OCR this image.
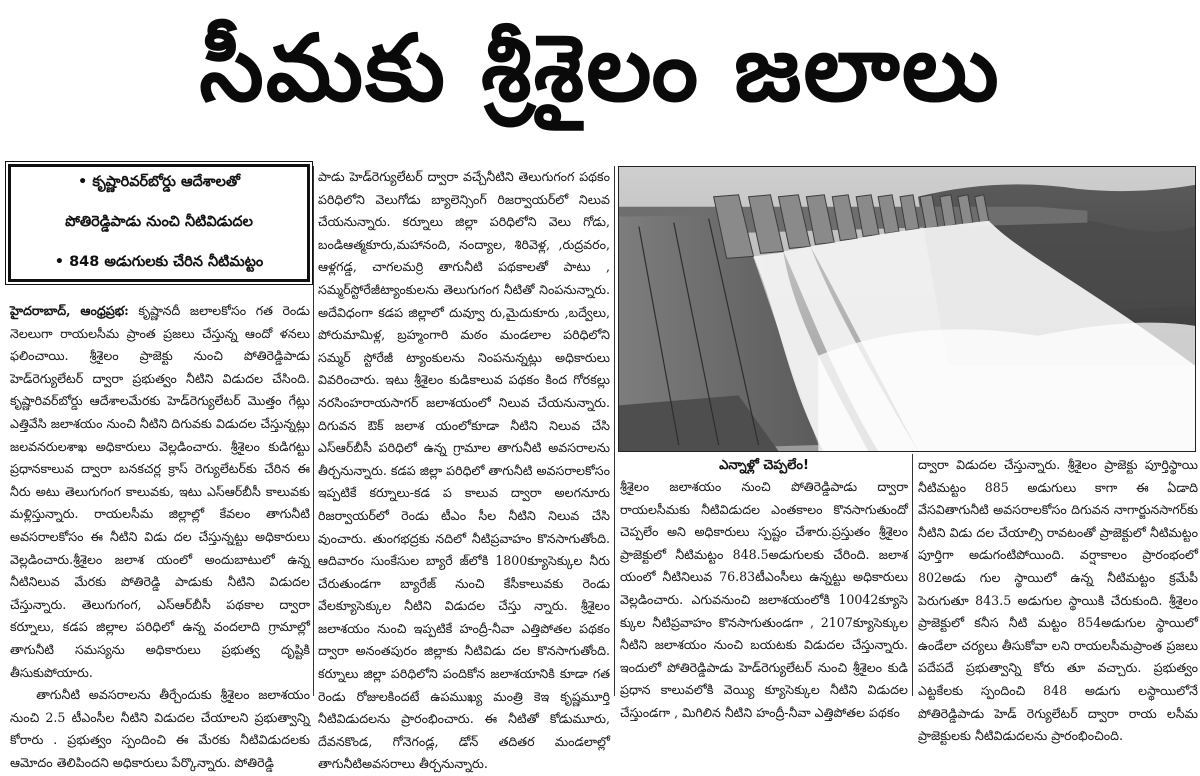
సీమకు శ్రీశైలం జలాలు
• కృష్ణారివర్‌బోర్డు ఆదేశాలతో
పోతిరెడ్డిపాడు నుంచి నీటివిడుదల
• 848 అడుగులకు చేరిన నీటిమట్టం

హైదరాబాద్‌, ఆంధ్రప్రభ: కృష్ణానదీ జలాలకోసం గత రెండు నెలలుగా రాయలసీమ ప్రాంత ప్రజలు చేస్తున్న ఆందో ళనలు ఫలించాయి. శ్రీశైలం ప్రాజెక్టు నుంచి పోతిరెడ్డిపాడు హెడ్‌రెగ్యులేటర్‌ ద్వారా ప్రభుత్వం నీటిని విడుదల చేసింది. కృష్ణారివర్‌బోర్డు ఆదేశాలమేరకు హెడ్‌రెగ్యులేటర్‌ మొత్తం గేట్లు ఎత్తివేసి జలాశయం నుంచి నీటిని దిగువకు విడుదల చేస్తున్నట్లు జలవనరులశాఖ అధికారులు వెల్లడించారు. శ్రీశైలం కుడిగట్టు ప్రధానకాలువ ద్వారా బనకచర్ల క్రాస్‌ రెగ్యులేటర్‌కు చేరిన ఈ నీరు అటు తెలుగుగంగ కాలువకు, ఇటు ఎస్‌ఆర్‌బీసీ కాలువకు మళ్లిస్తున్నారు. రాయలసీమ జిల్లాల్లో కేవలం తాగునీటి అవసరాలకోసం ఈ నీటిని విడు దల చేస్తున్నట్టు అధికారులు వెల్లడించారు.శ్రీశైలం జలాశ యంలో అందుబాటులో ఉన్న నీటినిలువ మేరకు పోతిరెడ్డి పాడుకు నీటిని విడుదల చేస్తున్నారు. తెలుగుగంగ, ఎస్‌ఆర్‌బీసీ పథకాల ద్వారా కర్నూలు, కడప జిల్లాల పరిధిలో ఉన్న వందలాది గ్రామాల్లో తాగునీటి సమస్యను అధికారులు ప్రభుత్వ దృష్టికి తీసుకుపోయారు.

తాగునీటి అవసరాలను తీర్చేందుకు శ్రీశైలం జలాశయం నుంచి 2.5 టీఎంసీల నీటిని విడుదల చేయాలని ప్రభుత్వాన్ని కోరారు . ప్రభుత్వం స్పందించి ఈ మేరకు నీటివిడుదలకు ఆమోదం తెలిపిందని అధికారులు పేర్కొన్నారు. పోతిరెడ్డి

పాడు హెడ్‌రెగ్యులేటర్‌ ద్వారా వచ్చేనీటిని తెలుగుగంగ పథకం పరిధిలోని వెలుగోడు బ్యాలెన్సింగ్‌ రిజర్వాయర్‌లో నిలువ చేయనున్నారు. కర్నూలు జిల్లా పరిధిలోని వెలు గోడు, బండిఆత్మకూరు,మహానంది, నంద్యాల, శిరివెళ్ల, ,రుద్రవరం, ఆళ్లగడ్డ, చాగలమర్రి తాగునీటి పథకాలతో పాటు , సమ్మర్‌స్టోరేజీట్యాంకులను తెలుగుగంగ నీటితో నింపనున్నారు. అదేవిధంగా కడప జిల్లాలో దువ్వూ రు,మైదుకూరు ,బద్వేలు, పోరుమామిళ్ల, బ్రహ్మంగారి మఠం మండలాల పరిధిలోని సమ్మర్‌ స్టోరేజీ ట్యాంకులను నింపనున్నట్లు అధికారులు వివరించారు. ఇటు శ్రీశైలం కుడికాలువ పథకం కింద గోరకల్లు నరసింహరాయసాగర్‌ జలాశయంలో నిలువ చేయనున్నారు. దిగువన ఔక్‌ జలాశ యంలోకూడా నీటిని నిలువ చేసి ఎస్‌ఆర్‌బీసీ పరిధిలో ఉన్న గ్రామాల తాగునీటి అవసరాలను తీర్చనున్నారు. కడప జిల్లా పరిధిలో తాగునీటి అవసరాలకోసం ఇప్పటికే కర్నూలు-కడ ప కాలువ ద్వారా అలగనూరు రిజర్వాయర్‌లో రెండు టీఎం సీల నీటిని నిలువ చేసి వుంచారు. తుంగభద్రకు నదిలో నీటిప్రవాహం కొనసాగుతోంది. ఆదివారం సుంకేసుల బ్యారే జ్‌లోకి 1800క్యూసెక్కుల నీరు చేరుతుండగా బ్యారేజ్‌ నుంచి కేసీకాలువకు రెండు వేలక్యూసెక్కుల నీటిని విడుదల చేస్తు న్నారు. శ్రీశైలం జలాశయం నుంచి ఇప్పటికే హంద్రీ-నీవా ఎత్తిపోతల పథకం ద్వారా అనంతపురం జిల్లాకు నీటివిడు దల కొనసాగుతోంది. కర్నూలు జిల్లా పరిధిలోని పందికోన జలాశయానికి కూడా గత రెండు రోజులకిందటే ఉపముఖ్య మంత్రి కెఇ కృష్ణమూర్తి నీటివిడుదలను ప్రారంభించారు. ఈ నీటితో కోడుమూరు, దేవనకొండ, గోనెగండ్ల, డోన్‌ తదితర మండలాల్లో తాగునీటిఅవసరాలు తీర్చనున్నారు.

ఎన్నాళ్లో చెప్పలేం!

శ్రీశైలం జలాశయం నుంచి పోతిరెడ్డిపాడు ద్వారా రాయలసీమకు నీటివిడుదల ఎంతకాలం కొనసాగుతుందో చెప్పలేం అని అధికారులు స్పష్టం చేశారు.ప్రస్తుతం శ్రీశైలం ప్రాజెక్టులో నీటిమట్టం 848.5అడుగులకు చేరింది. జలాశ యంలో నీటినిలువ 76.83టీఎంసీలు ఉన్నట్టు అధికారులు వెల్లడించారు. ఎగువనుంచి జలాశయంలోకి 10042క్యూసె క్కుల నీటిప్రవాహం కొనసాగుతుండగా , 2107క్యూసెక్కుల నీటిని జలాశయం నుంచి బయటకు విడుదల చేస్తున్నారు. ఇందులో పోతిరెడ్డిపాడు హెడ్‌రెగ్యులేటర్‌ నుంచి శ్రీశైలం కుడి ప్రధాన కాలువలోకి వెయ్యి క్యూసెక్కుల నీటిని విడుదల చేస్తుండగా , మిగిలిన నీటిని హంద్రీ-నీవా ఎత్తిపోతల పథకం

ద్వారా విడుదల చేస్తున్నారు. శ్రీశైలం ప్రాజెక్టు పూర్తిస్థాయి నీటిమట్టం 885 అడుగులు కాగా ఈ ఏడాది వేసవితాగునీటి అవసరాలకోసం దిగువన నాగార్జునసాగర్‌కు నీటిని విడు దల చేయాల్సి రావటంతో ప్రాజెక్టులో నీటిమట్టం పూర్తిగా అడుగంటిపోయింది. వర్షాకాలం ప్రారంభంలో 802అడు గుల స్థాయిలో ఉన్న నీటిమట్టం క్రమేపీ పెరుగుతూ 843.5 అడుగుల స్థాయికి చేరుకుంది. శ్రీశైలం ప్రాజెక్టులో కనీస నీటి మట్టం 854అడుగుల స్థాయిలో ఉండేలా చర్యలు తీసుకోవా లని రాయలసీమప్రాంత ప్రజలు పదేపదే ప్రభుత్వాన్ని కోరు తూ వచ్చారు. ప్రభుత్వం ఎట్టకేలకు స్పందించి 848 అడుగు లస్థాయిలోనే పోతిరెడ్డిపాడు హెడ్‌ రెగ్యులేటర్‌ ద్వారా రాయ లసీమ ప్రాజెక్టులకు నీటివిడుదలను ప్రారంభించింది.
